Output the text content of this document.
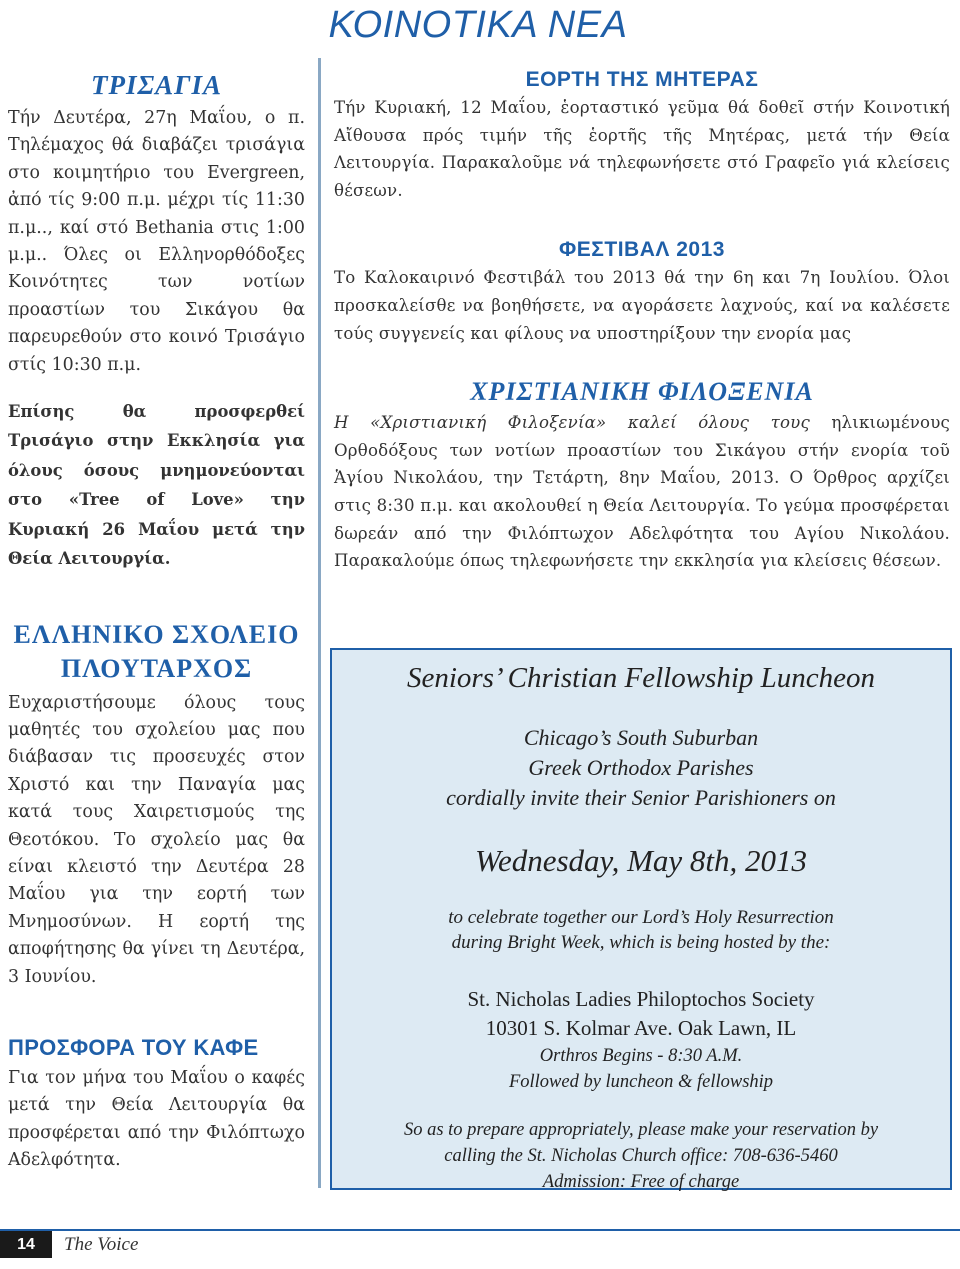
ΚΟΙΝΟΤΙΚΑ ΝΕΑ
ΤΡΙΣΑΓΙΑ

Τήν Δευτέρα, 27η Μαΐου, ο π. Τηλέμαχος θά διαβάζει τρισάγια στο κοιμητήριο του Evergreen, ἀπό τίς 9:00 π.μ. μέχρι τίς 11:30 π.μ.., καί στό Bethania στις 1:00 μ.μ.. Όλες οι Ελληνορθόδοξες Κοινότητες των νοτίων προαστίων του Σικάγου θα παρευρεθούν στο κοινό Τρισάγιο στίς 10:30 π.μ.

Επίσης θα προσφερθεί Τρισάγιο στην Εκκλησία για όλους όσους μνημονεύονται στο «Tree of Love» την Κυριακή 26 Μαΐου μετά την Θεία Λειτουργία.

ΕΛΛΗΝΙΚΟ ΣΧΟΛΕΙΟ
ΠΛΟΥΤΑΡΧΟΣ

Ευχαριστήσουμε όλους τους μαθητές του σχολείου μας που διάβασαν τις προσευχές στον Χριστό και την Παναγία μας κατά τους Χαιρετισμούς της Θεοτόκου. Το σχολείο μας θα είναι κλειστό την Δευτέρα 28 Μαΐου για την εορτή των Μνημοσύνων. Η εορτή της αποφήτησης θα γίνει τη Δευτέρα, 3 Ιουνίου.

ΠΡΟΣΦΟΡΑ ΤΟΥ ΚΑΦΕ

Για τον μήνα του Μαΐου ο καφές μετά την Θεία Λειτουργία θα προσφέρεται από την Φιλόπτωχο Αδελφότητα.

ΕΟΡΤΗ ΤΗΣ ΜΗΤΕΡΑΣ

Τήν Κυριακή, 12 Μαΐου, ἑορταστικό γεῦμα θά δοθεῖ στήν Κοινοτική Αἴθουσα πρός τιμήν τῆς ἑορτῆς τῆς Μητέρας, μετά τήν Θεία Λειτουργία. Παρακαλοῦμε νά τηλεφωνήσετε στό Γραφεῖο γιά κλείσεις θέσεων.

ΦΕΣΤΙΒΑΛ 2013

Το Καλοκαιρινό Φεστιβάλ του 2013 θά την 6η και 7η Ιουλίου. Όλοι προσκαλείσθε να βοηθήσετε, να αγοράσετε λαχνούς, καί να καλέσετε τούς συγγενείς και φίλους να υποστηρίξουν την ενορία μας

ΧΡΙΣΤΙΑΝΙΚΗ ΦΙΛΟΞΕΝΙΑ

Η «Χριστιανική Φιλοξενία» καλεί όλους τους ηλικιωμένους Ορθοδόξους των νοτίων προαστίων του Σικάγου στήν ενορία τοῦ Ἁγίου Νικολάου, την Τετάρτη, 8ην Μαΐου, 2013. Ο Όρθρος αρχίζει στις 8:30 π.μ. και ακολουθεί η Θεία Λειτουργία. Το γεύμα προσφέρεται δωρεάν από την Φιλόπτωχον Αδελφότητα του Αγίου Νικολάου. Παρακαλούμε όπως τηλεφωνήσετε την εκκλησία για κλείσεις θέσεων.

Seniors’ Christian Fellowship Luncheon
Chicago’s South Suburban
Greek Orthodox Parishes
cordially invite their Senior Parishioners on
Wednesday, May 8th, 2013
to celebrate together our Lord’s Holy Resurrection
during Bright Week, which is being hosted by the:
St. Nicholas Ladies Philoptochos Society
10301 S. Kolmar Ave. Oak Lawn, IL
Orthros Begins - 8:30 A.M.
Followed by luncheon & fellowship
So as to prepare appropriately, please make your reservation by
calling the St. Nicholas Church office: 708-636-5460
Admission: Free of charge
14	The Voice
